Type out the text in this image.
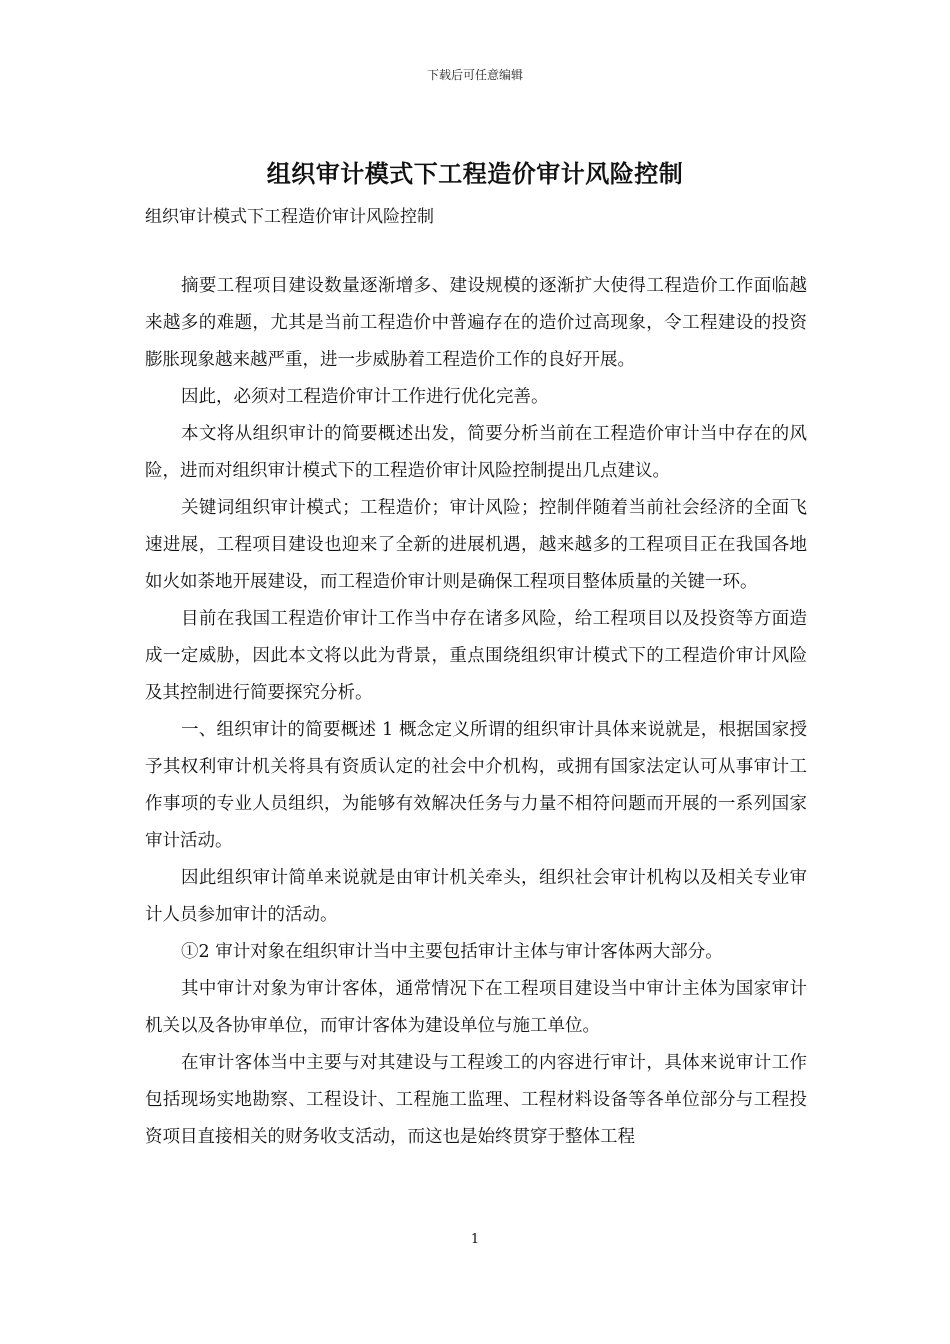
下载后可任意编辑
组织审计模式下工程造价审计风险控制
组织审计模式下工程造价审计风险控制

摘要工程项目建设数量逐渐增多、建设规模的逐渐扩大使得工程造价工作面临越来越多的难题，尤其是当前工程造价中普遍存在的造价过高现象，令工程建设的投资膨胀现象越来越严重，进一步威胁着工程造价工作的良好开展。

因此，必须对工程造价审计工作进行优化完善。

本文将从组织审计的简要概述出发，简要分析当前在工程造价审计当中存在的风险，进而对组织审计模式下的工程造价审计风险控制提出几点建议。

关键词组织审计模式；工程造价；审计风险；控制伴随着当前社会经济的全面飞速进展，工程项目建设也迎来了全新的进展机遇，越来越多的工程项目正在我国各地如火如荼地开展建设，而工程造价审计则是确保工程项目整体质量的关键一环。

目前在我国工程造价审计工作当中存在诸多风险，给工程项目以及投资等方面造成一定威胁，因此本文将以此为背景，重点围绕组织审计模式下的工程造价审计风险及其控制进行简要探究分析。

一、组织审计的简要概述 1 概念定义所谓的组织审计具体来说就是，根据国家授予其权利审计机关将具有资质认定的社会中介机构，或拥有国家法定认可从事审计工作事项的专业人员组织，为能够有效解决任务与力量不相符问题而开展的一系列国家审计活动。

因此组织审计简单来说就是由审计机关牵头，组织社会审计机构以及相关专业审计人员参加审计的活动。

①2 审计对象在组织审计当中主要包括审计主体与审计客体两大部分。

其中审计对象为审计客体，通常情况下在工程项目建设当中审计主体为国家审计机关以及各协审单位，而审计客体为建设单位与施工单位。

在审计客体当中主要与对其建设与工程竣工的内容进行审计，具体来说审计工作包括现场实地勘察、工程设计、工程施工监理、工程材料设备等各单位部分与工程投资项目直接相关的财务收支活动，而这也是始终贯穿于整体工程

1
